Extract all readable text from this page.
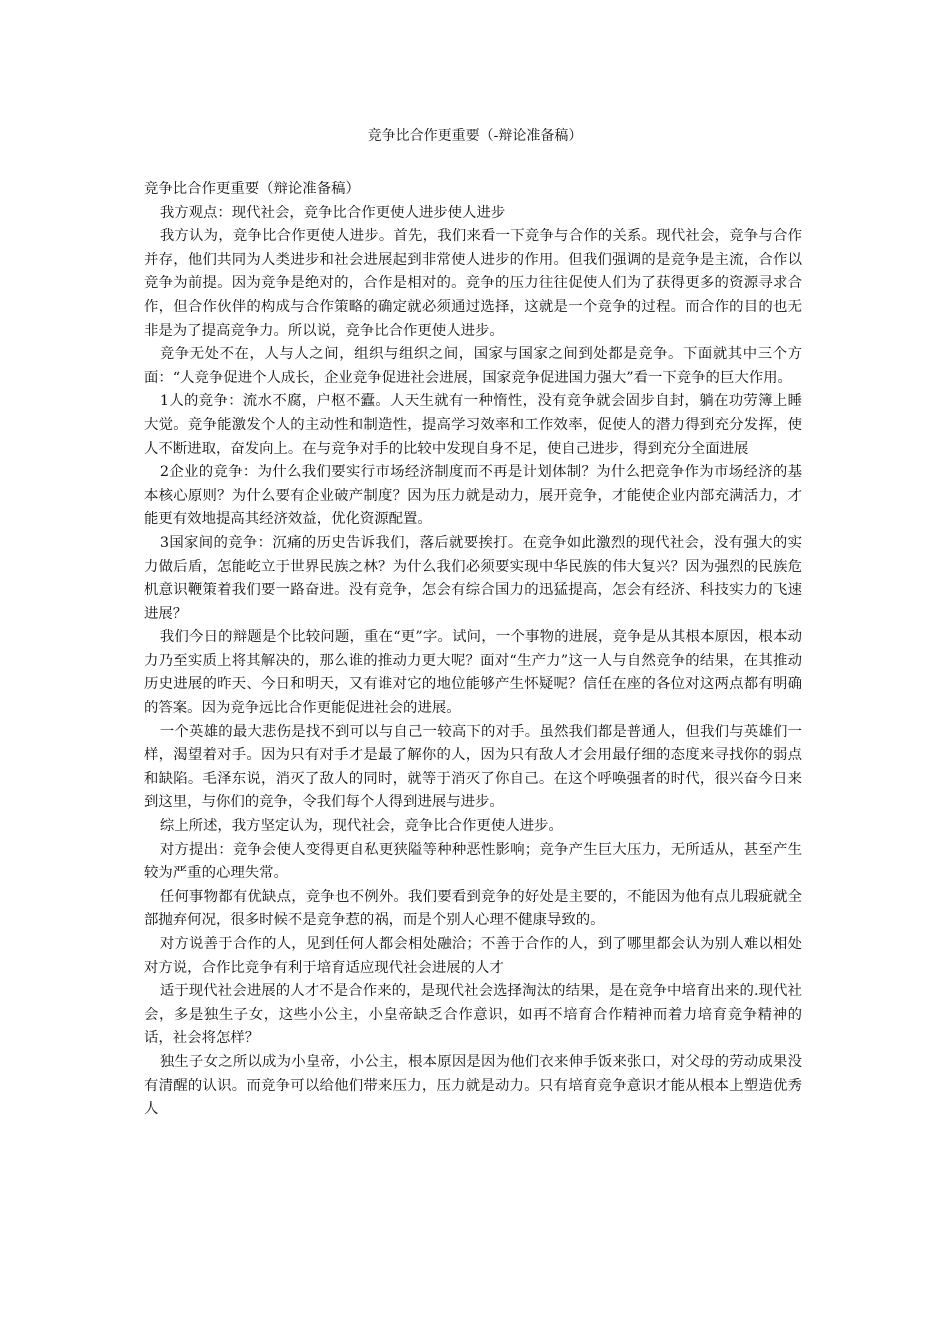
竞争比合作更重要（-辩论准备稿）

竞争比合作更重要（辩论准备稿）

我方观点：现代社会，竞争比合作更使人进步使人进步

我方认为，竞争比合作更使人进步。首先，我们来看一下竞争与合作的关系。现代社会，竞争与合作并存，他们共同为人类进步和社会进展起到非常使人进步的作用。但我们强调的是竞争是主流，合作以竞争为前提。因为竞争是绝对的，合作是相对的。竞争的压力往往促使人们为了获得更多的资源寻求合作，但合作伙伴的构成与合作策略的确定就必须通过选择，这就是一个竞争的过程。而合作的目的也无非是为了提高竞争力。所以说，竞争比合作更使人进步。

竞争无处不在，人与人之间，组织与组织之间，国家与国家之间到处都是竞争。下面就其中三个方面：“人竞争促进个人成长，企业竞争促进社会进展，国家竞争促进国力强大”看一下竞争的巨大作用。

1人的竞争：流水不腐，户枢不蠹。人天生就有一种惰性，没有竞争就会固步自封，躺在功劳簿上睡大觉。竞争能激发个人的主动性和制造性，提高学习效率和工作效率，促使人的潜力得到充分发挥，使人不断进取，奋发向上。在与竞争对手的比较中发现自身不足，使自己进步，得到充分全面进展

2企业的竞争：为什么我们要实行市场经济制度而不再是计划体制？为什么把竞争作为市场经济的基本核心原则？为什么要有企业破产制度？因为压力就是动力，展开竞争，才能使企业内部充满活力，才能更有效地提高其经济效益，优化资源配置。

3国家间的竞争：沉痛的历史告诉我们，落后就要挨打。在竞争如此激烈的现代社会，没有强大的实力做后盾，怎能屹立于世界民族之林？为什么我们必须要实现中华民族的伟大复兴？因为强烈的民族危机意识鞭策着我们要一路奋进。没有竞争，怎会有综合国力的迅猛提高，怎会有经济、科技实力的飞速进展？

我们今日的辩题是个比较问题，重在“更”字。试问，一个事物的进展，竞争是从其根本原因，根本动力乃至实质上将其解决的，那么谁的推动力更大呢？面对“生产力”这一人与自然竞争的结果，在其推动历史进展的昨天、今日和明天，又有谁对它的地位能够产生怀疑呢？信任在座的各位对这两点都有明确的答案。因为竞争远比合作更能促进社会的进展。

一个英雄的最大悲伤是找不到可以与自己一较高下的对手。虽然我们都是普通人，但我们与英雄们一样，渴望着对手。因为只有对手才是最了解你的人，因为只有敌人才会用最仔细的态度来寻找你的弱点和缺陷。毛泽东说，消灭了敌人的同时，就等于消灭了你自己。在这个呼唤强者的时代，很兴奋今日来到这里，与你们的竞争，令我们每个人得到进展与进步。

综上所述，我方坚定认为，现代社会，竞争比合作更使人进步。

对方提出：竞争会使人变得更自私更狭隘等种种恶性影响；竞争产生巨大压力，无所适从，甚至产生较为严重的心理失常。

任何事物都有优缺点，竞争也不例外。我们要看到竞争的好处是主要的，不能因为他有点儿瑕疵就全部抛弃何况，很多时候不是竞争惹的祸，而是个别人心理不健康导致的。

对方说善于合作的人，见到任何人都会相处融洽；不善于合作的人，到了哪里都会认为别人难以相处对方说，合作比竞争有利于培育适应现代社会进展的人才

适于现代社会进展的人才不是合作来的，是现代社会选择淘汰的结果，是在竞争中培育出来的.现代社会，多是独生子女，这些小公主，小皇帝缺乏合作意识，如再不培育合作精神而着力培育竞争精神的话，社会将怎样？

独生子女之所以成为小皇帝，小公主，根本原因是因为他们衣来伸手饭来张口，对父母的劳动成果没有清醒的认识。而竞争可以给他们带来压力，压力就是动力。只有培育竞争意识才能从根本上塑造优秀人
